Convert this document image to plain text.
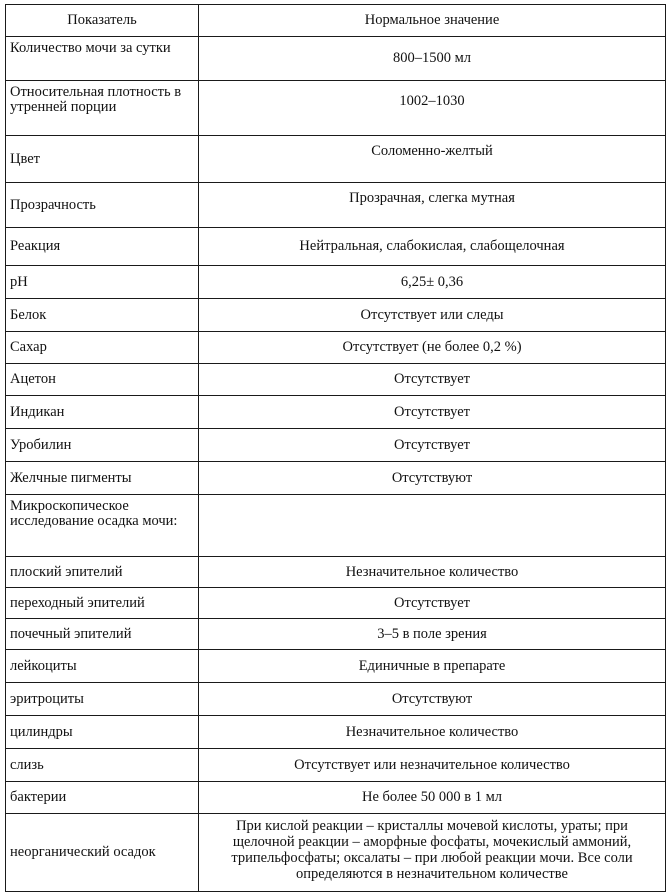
Показатель	Нормальное значение
Количество мочи за сутки	800–1500 мл
Относительная плотность в утренней порции	1002–1030
Цвет	Соломенно-желтый
Прозрачность	Прозрачная, слегка мутная
Реакция	Нейтральная, слабокислая, слабощелочная
pH	6,25± 0,36
Белок	Отсутствует или следы
Сахар	Отсутствует (не более 0,2 %)
Ацетон	Отсутствует
Индикан	Отсутствует
Уробилин	Отсутствует
Желчные пигменты	Отсутствуют
Микроскопическое исследование осадка мочи:	
плоский эпителий	Незначительное количество
переходный эпителий	Отсутствует
почечный эпителий	3–5 в поле зрения
лейкоциты	Единичные в препарате
эритроциты	Отсутствуют
цилиндры	Незначительное количество
слизь	Отсутствует или незначительное количество
бактерии	Не более 50 000 в 1 мл
неорганический осадок	При кислой реакции – кристаллы мочевой кислоты, ураты; при щелочной реакции – аморфные фосфаты, мочекислый аммоний, трипельфосфаты; оксалаты – при любой реакции мочи. Все соли определяются в незначительном количестве
